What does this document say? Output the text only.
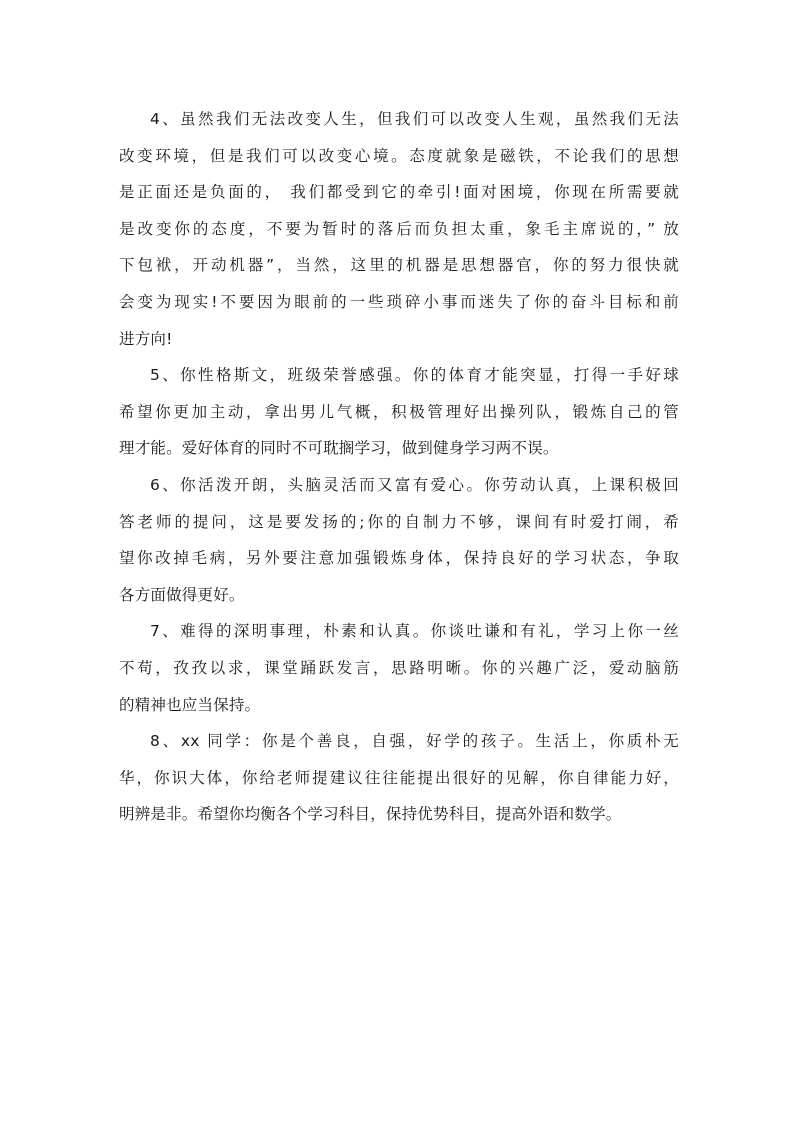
4、虽然我们无法改变人生，但我们可以改变人生观，虽然我们无法
改变环境，但是我们可以改变心境。态度就象是磁铁，不论我们的思想
是正面还是负面的， 我们都受到它的牵引!面对困境，你现在所需要就
是改变你的态度，不要为暂时的落后而负担太重，象毛主席说的，” 放
下包袱，开动机器”，当然，这里的机器是思想器官，你的努力很快就
会变为现实!不要因为眼前的一些琐碎小事而迷失了你的奋斗目标和前
进方向!
5、你性格斯文，班级荣誉感强。你的体育才能突显，打得一手好球
希望你更加主动，拿出男儿气概，积极管理好出操列队，锻炼自己的管
理才能。爱好体育的同时不可耽搁学习，做到健身学习两不误。
6、你活泼开朗，头脑灵活而又富有爱心。你劳动认真，上课积极回
答老师的提问，这是要发扬的;你的自制力不够，课间有时爱打闹，希
望你改掉毛病，另外要注意加强锻炼身体，保持良好的学习状态，争取
各方面做得更好。
7、难得的深明事理，朴素和认真。你谈吐谦和有礼，学习上你一丝
不苟，孜孜以求，课堂踊跃发言，思路明晰。你的兴趣广泛，爱动脑筋
的精神也应当保持。
8、xx 同学：你是个善良，自强，好学的孩子。生活上，你质朴无
华，你识大体，你给老师提建议往往能提出很好的见解，你自律能力好，
明辨是非。希望你均衡各个学习科目，保持优势科目，提高外语和数学。
